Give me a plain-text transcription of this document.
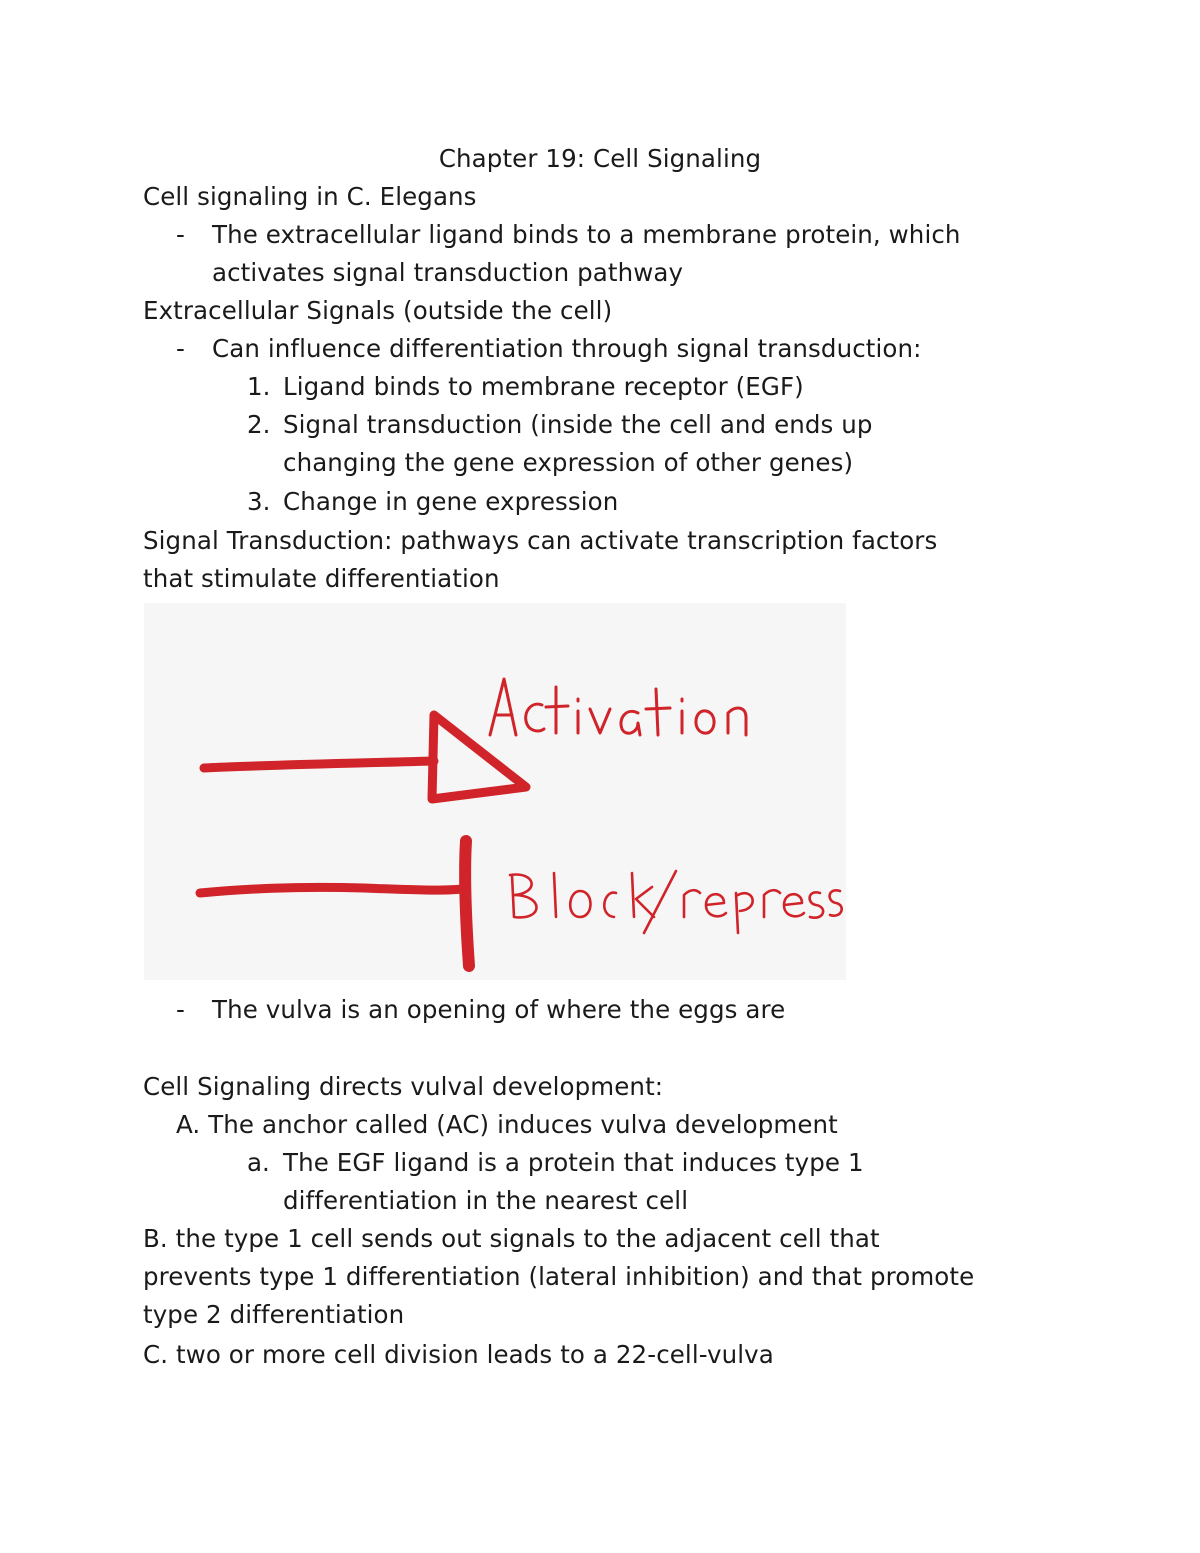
Chapter 19: Cell Signaling
Cell signaling in C. Elegans
- The extracellular ligand binds to a membrane protein, which
activates signal transduction pathway
Extracellular Signals (outside the cell)
- Can influence differentiation through signal transduction:
1. Ligand binds to membrane receptor (EGF)
2. Signal transduction (inside the cell and ends up
changing the gene expression of other genes)
3. Change in gene expression
Signal Transduction: pathways can activate transcription factors
that stimulate differentiation
- The vulva is an opening of where the eggs are
Cell Signaling directs vulval development:
A. The anchor called (AC) induces vulva development
a. The EGF ligand is a protein that induces type 1
differentiation in the nearest cell
B. the type 1 cell sends out signals to the adjacent cell that
prevents type 1 differentiation (lateral inhibition) and that promote
type 2 differentiation
C. two or more cell division leads to a 22-cell-vulva
